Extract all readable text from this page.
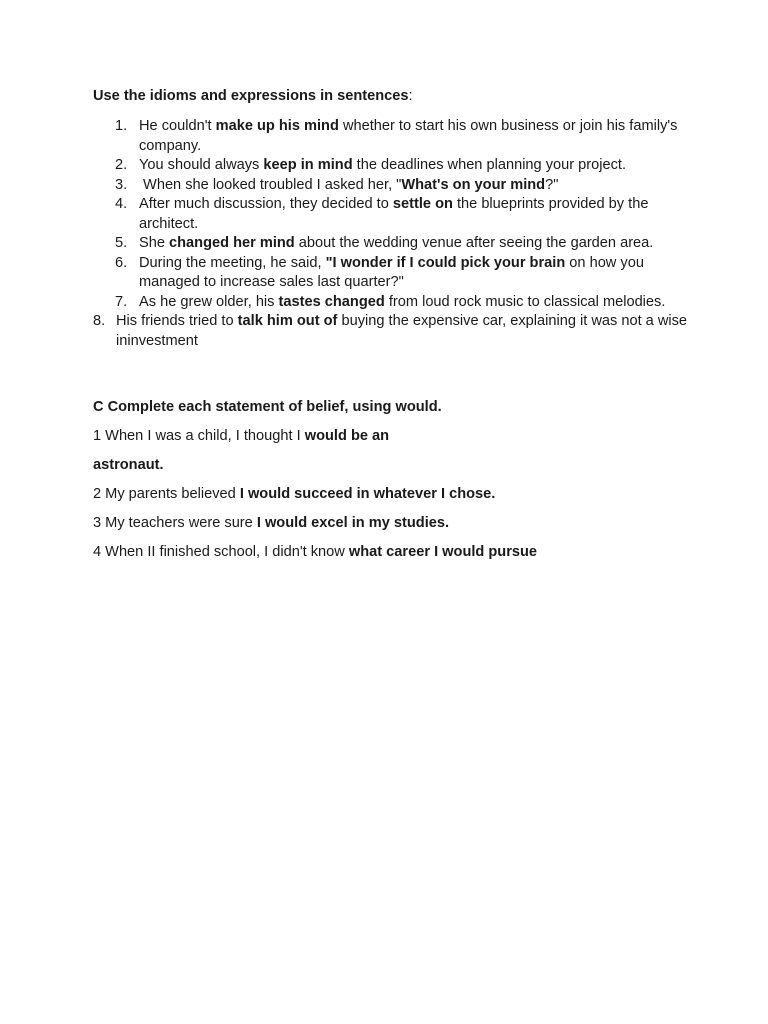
Use the idioms and expressions in sentences:
1. He couldn't make up his mind whether to start his own business or join his family's company.
2. You should always keep in mind the deadlines when planning your project.
3. When she looked troubled I asked her, "What's on your mind?"
4. After much discussion, they decided to settle on the blueprints provided by the architect.
5. She changed her mind about the wedding venue after seeing the garden area.
6. During the meeting, he said, "I wonder if I could pick your brain on how you managed to increase sales last quarter?"
7. As he grew older, his tastes changed from loud rock music to classical melodies.
8. His friends tried to talk him out of buying the expensive car, explaining it was not a wise ininvestment
C Complete each statement of belief, using would.
1 When I was a child, I thought I would be an
astronaut.
2 My parents believed I would succeed in whatever I chose.
3 My teachers were sure I would excel in my studies.
4 When II finished school, I didn't know what career I would pursue
